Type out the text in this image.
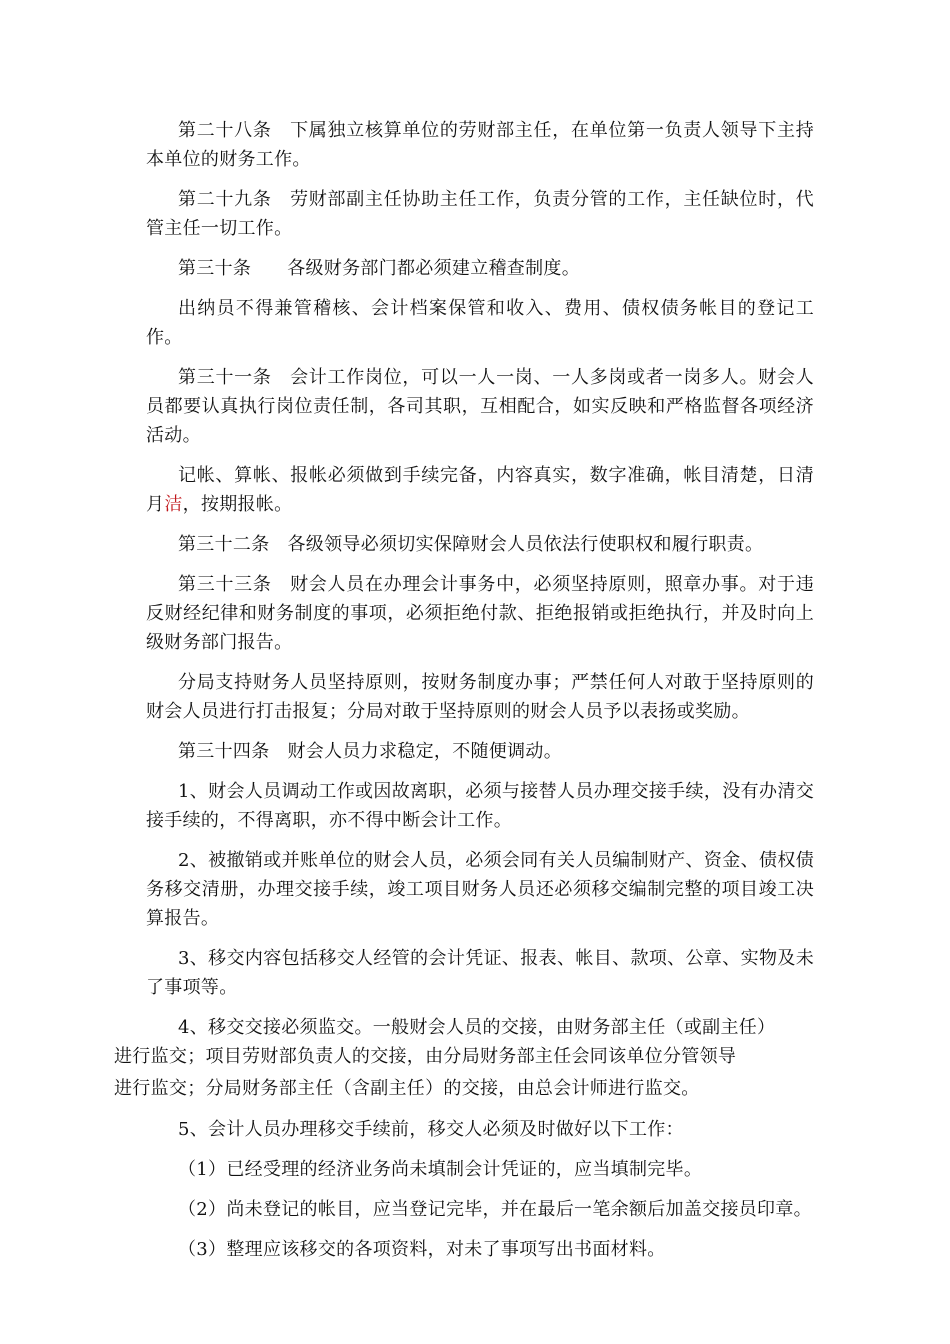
第二十八条 下属独立核算单位的劳财部主任，在单位第一负责人领导下主持本单位的财务工作。

第二十九条 劳财部副主任协助主任工作，负责分管的工作，主任缺位时，代管主任一切工作。

第三十条 各级财务部门都必须建立稽查制度。

出纳员不得兼管稽核、会计档案保管和收入、费用、债权债务帐目的登记工作。

第三十一条 会计工作岗位，可以一人一岗、一人多岗或者一岗多人。财会人员都要认真执行岗位责任制，各司其职，互相配合，如实反映和严格监督各项经济活动。

记帐、算帐、报帐必须做到手续完备，内容真实，数字准确，帐目清楚，日清月洁，按期报帐。

第三十二条 各级领导必须切实保障财会人员依法行使职权和履行职责。

第三十三条 财会人员在办理会计事务中，必须坚持原则，照章办事。对于违反财经纪律和财务制度的事项，必须拒绝付款、拒绝报销或拒绝执行，并及时向上级财务部门报告。

分局支持财务人员坚持原则，按财务制度办事；严禁任何人对敢于坚持原则的财会人员进行打击报复；分局对敢于坚持原则的财会人员予以表扬或奖励。

第三十四条 财会人员力求稳定，不随便调动。

1、财会人员调动工作或因故离职，必须与接替人员办理交接手续，没有办清交接手续的，不得离职，亦不得中断会计工作。

2、被撤销或并账单位的财会人员，必须会同有关人员编制财产、资金、债权债务移交清册，办理交接手续，竣工项目财务人员还必须移交编制完整的项目竣工决算报告。

3、移交内容包括移交人经管的会计凭证、报表、帐目、款项、公章、实物及未了事项等。

4、移交交接必须监交。一般财会人员的交接，由财务部主任（或副主任）
进行监交；项目劳财部负责人的交接，由分局财务部主任会同该单位分管领导
进行监交；分局财务部主任（含副主任）的交接，由总会计师进行监交。

5、会计人员办理移交手续前，移交人必须及时做好以下工作：

（1）已经受理的经济业务尚未填制会计凭证的，应当填制完毕。

（2）尚未登记的帐目，应当登记完毕，并在最后一笔余额后加盖交接员印章。

（3）整理应该移交的各项资料，对未了事项写出书面材料。
